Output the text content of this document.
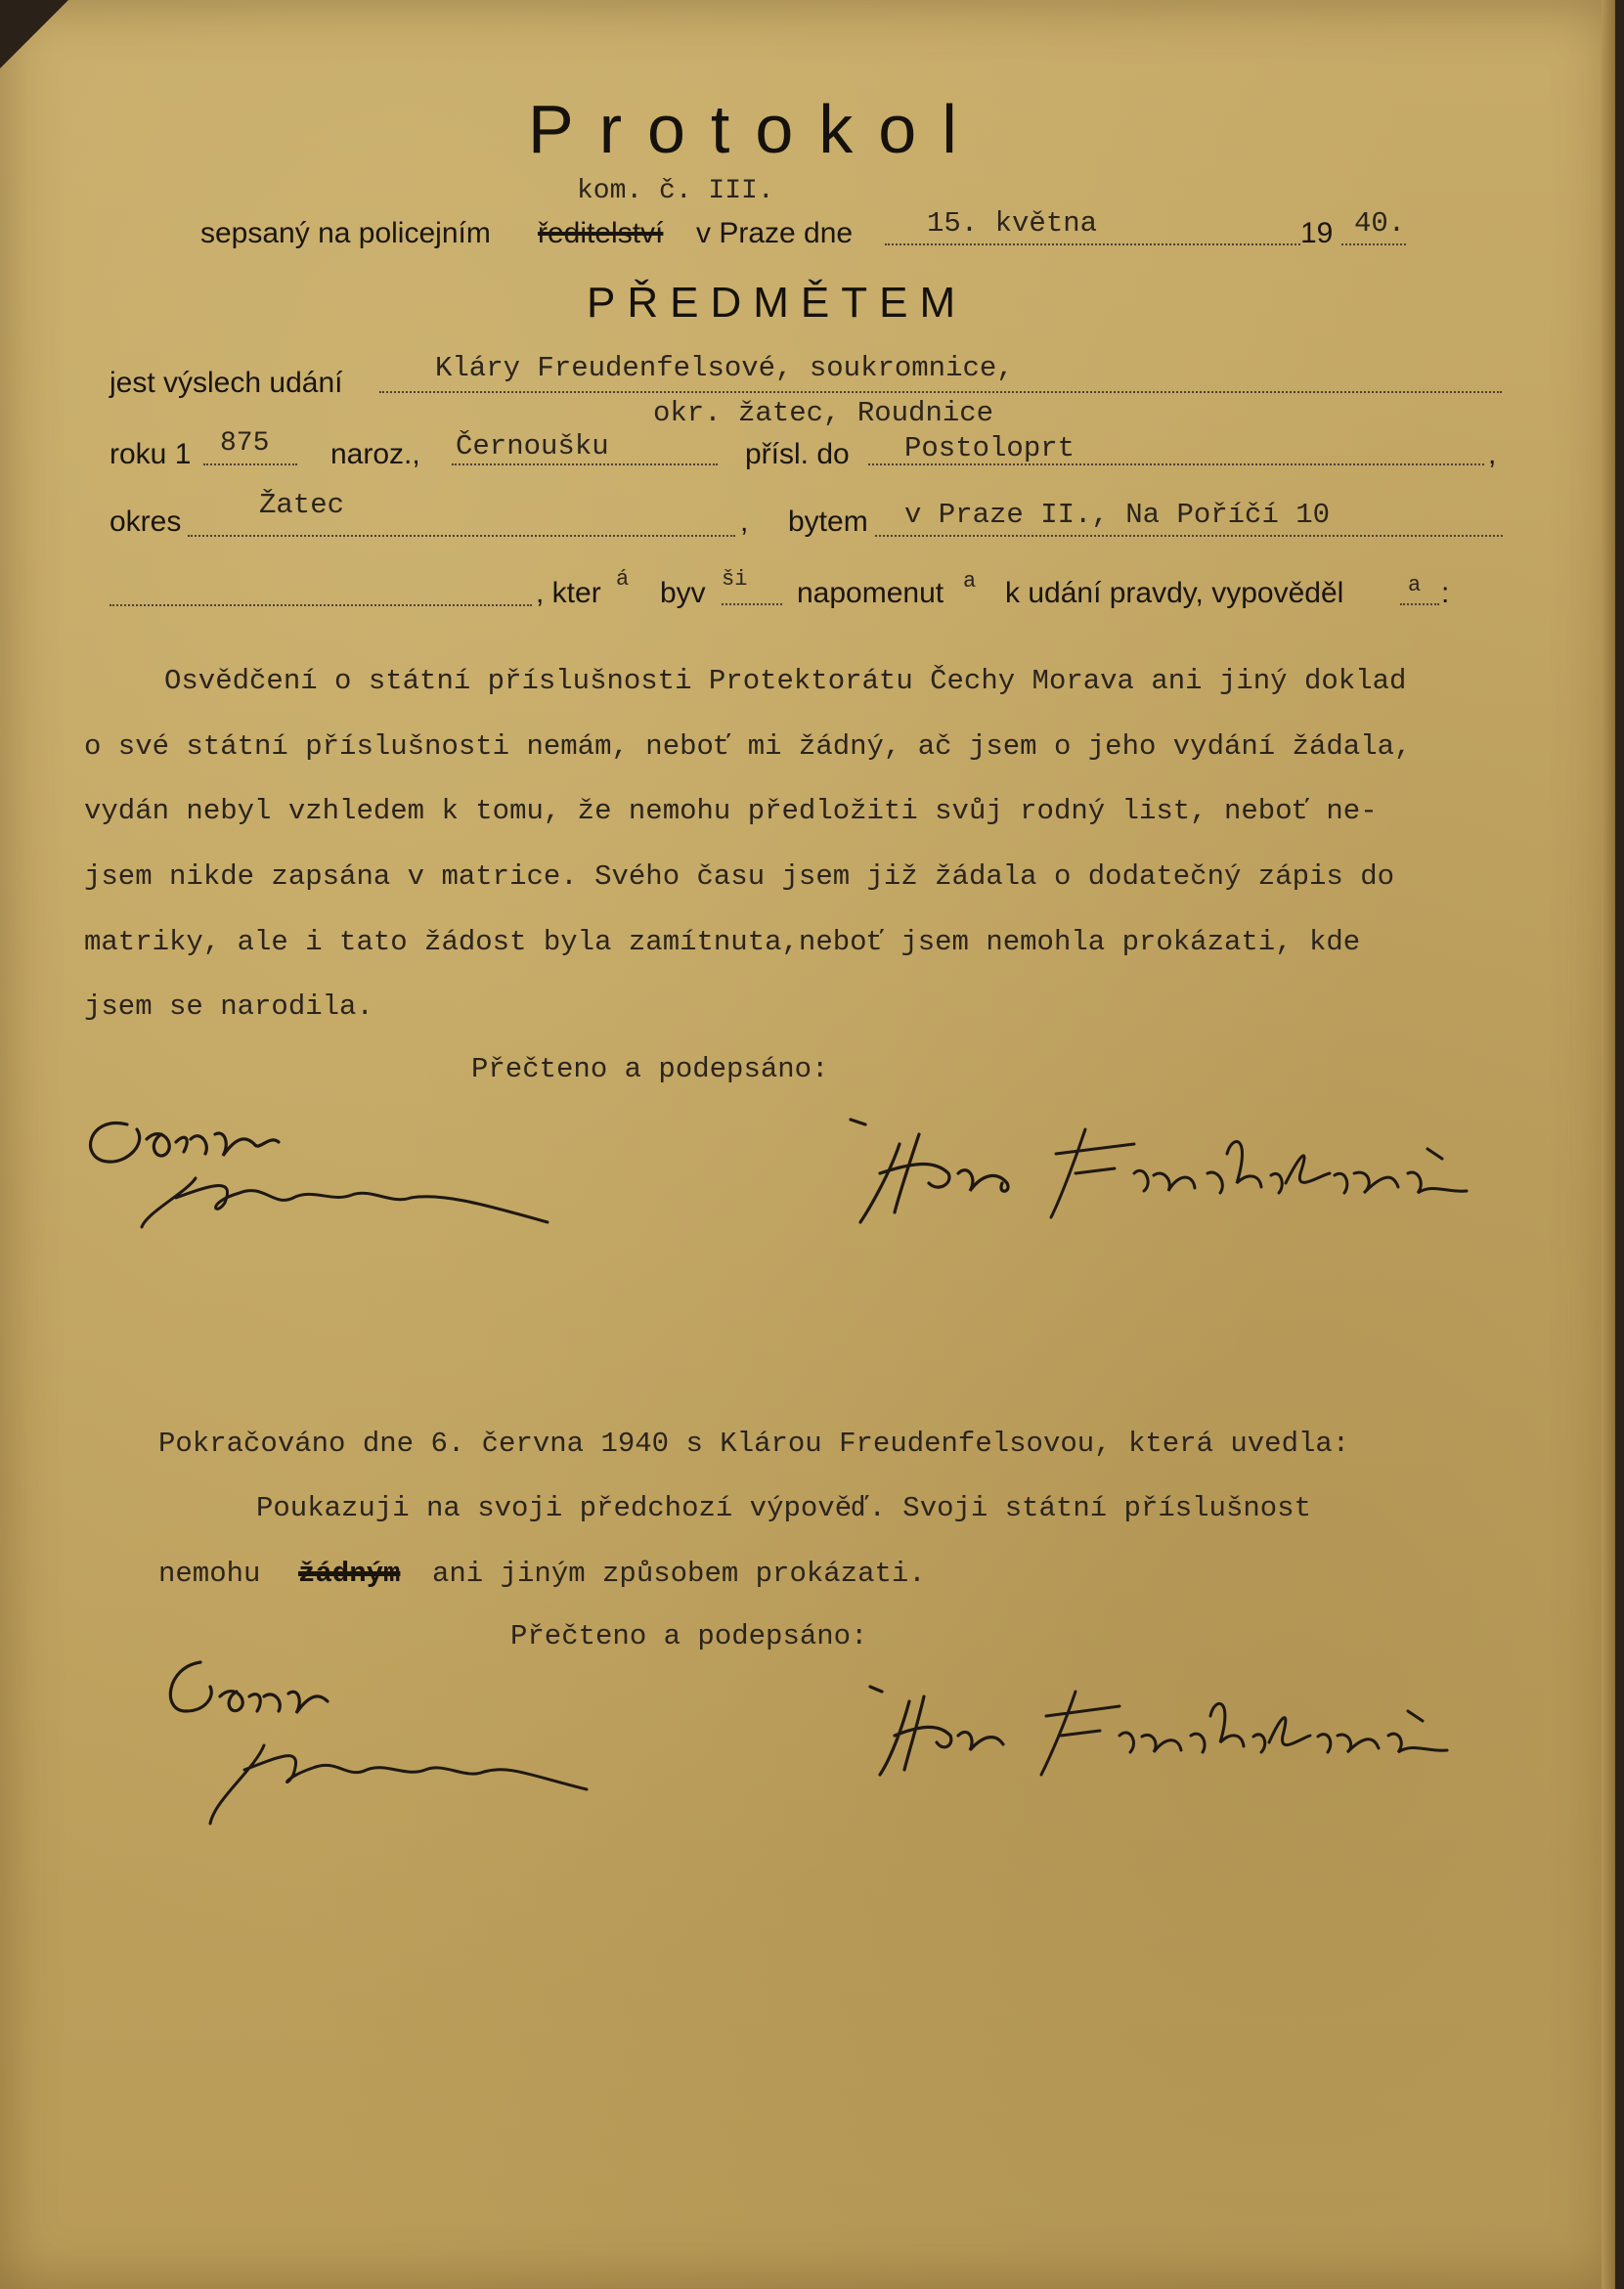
Protokol
kom. č. III.
sepsaný na policejním ředitelství v Praze dne	15. května	19 40.
PŘEDMĚTEM
jest výslech udání	Kláry Freudenfelsové, soukromnice,
okr. žatec, Roudnice
roku 1 875 naroz., Černoušku	přísl. do Postoloprt	,
okres
Žatec
, bytem v Praze II., Na Poříčí 10
, kter á byv ši napomenut a k udání pravdy, vypověděl	a :
Osvědčení o státní příslušnosti Protektorátu Čechy Morava ani jiný doklad
o své státní příslušnosti nemám, neboť mi žádný, ač jsem o jeho vydání žádala,
vydán nebyl vzhledem k tomu, že nemohu předložiti svůj rodný list, neboť ne-
jsem nikde zapsána v matrice. Svého času jsem již žádala o dodatečný zápis do
matriky, ale i tato žádost byla zamítnuta,neboť jsem nemohla prokázati, kde
jsem se narodila.
Přečteno a podepsáno:
Pokračováno dne 6. června 1940 s Klárou Freudenfelsovou, která uvedla:
Poukazuji na svoji předchozí výpověď. Svoji státní příslušnost
nemohu žádným ani jiným způsobem prokázati.
Přečteno a podepsáno:
